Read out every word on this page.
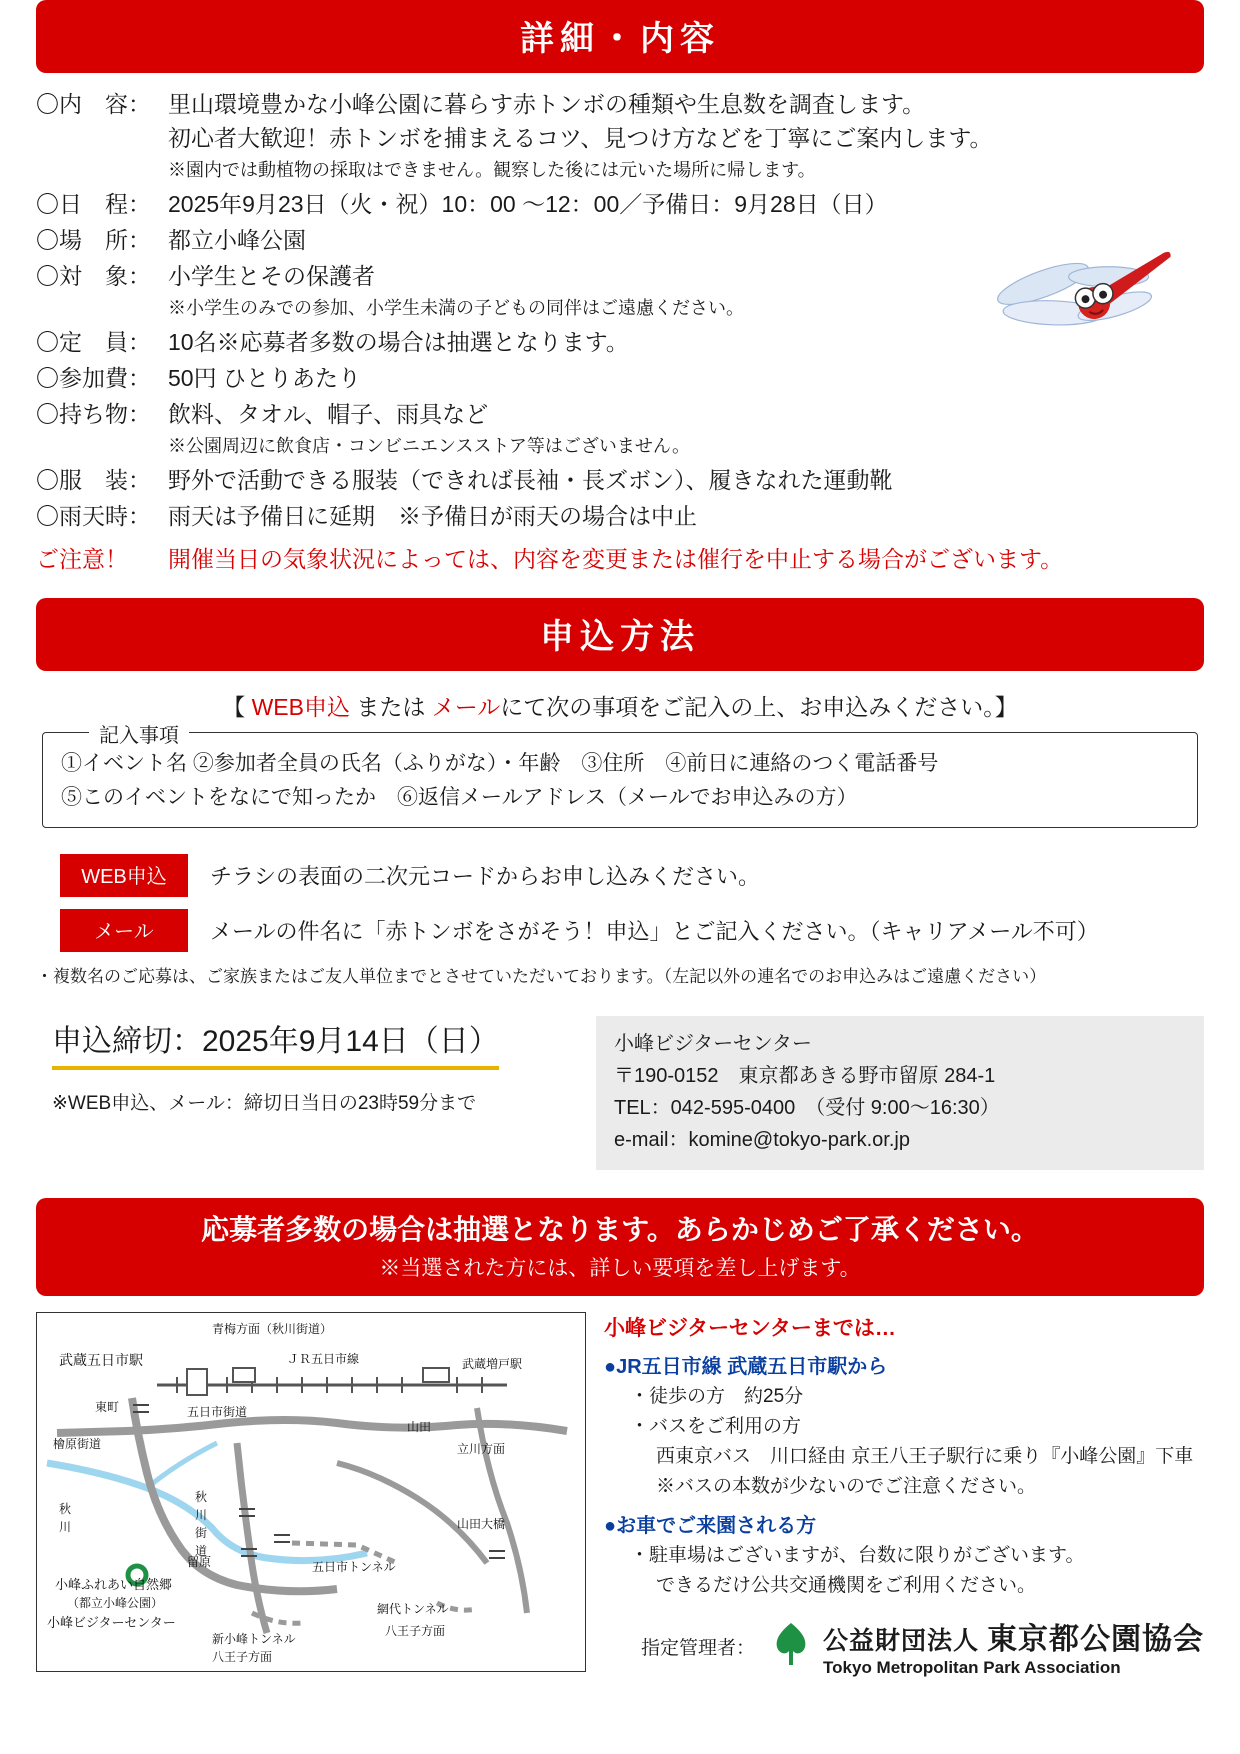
詳細・内容
〇内　容： 里山環境豊かな小峰公園に暮らす赤トンボの種類や生息数を調査します。
初心者大歓迎！赤トンボを捕まえるコツ、見つけ方などを丁寧にご案内します。
※園内では動植物の採取はできません。観察した後には元いた場所に帰します。
〇日　程： 2025年9月23日（火・祝）10：00 ～12：00／予備日：9月28日（日）
〇場　所： 都立小峰公園
〇対　象： 小学生とその保護者
※小学生のみでの参加、小学生未満の子どもの同伴はご遠慮ください。
〇定　員： 10名※応募者多数の場合は抽選となります。
〇参加費： 50円 ひとりあたり
〇持ち物： 飲料、タオル、帽子、雨具など
※公園周辺に飲食店・コンビニエンスストア等はございません。
〇服　装： 野外で活動できる服装（できれば長袖・長ズボン）、履きなれた運動靴
〇雨天時： 雨天は予備日に延期　※予備日が雨天の場合は中止
ご注意！	開催当日の気象状況によっては、内容を変更または催行を中止する場合がございます。
申込方法
【 WEB申込 または メールにて次の事項をご記入の上、お申込みください。】
記入事項
①イベント名 ②参加者全員の氏名（ふりがな）・年齢　③住所　④前日に連絡のつく電話番号
⑤このイベントをなにで知ったか　⑥返信メールアドレス（メールでお申込みの方）
WEB申込	チラシの表面の二次元コードからお申し込みください。
メール	メールの件名に「赤トンボをさがそう！申込」とご記入ください。（キャリアメール不可）
・複数名のご応募は、ご家族またはご友人単位までとさせていただいております。（左記以外の連名でのお申込みはご遠慮ください）
申込締切：2025年9月14日（日）
※WEB申込、メール：締切日当日の23時59分まで
小峰ビジターセンター
〒190-0152　東京都あきる野市留原 284-1
TEL：042-595-0400　（受付 9:00～16:30）
e-mail：komine@tokyo-park.or.jp
応募者多数の場合は抽選となります。あらかじめご了承ください。
※当選された方には、詳しい要項を差し上げます。
青梅方面（秋川街道）
武蔵五日市駅	ＪＲ五日市線	武蔵増戸駅
東町	五日市街道
檜原街道
山田
立川方面
秋
川
秋
川
街
道
留原
山田大橋
五日市トンネル
小峰ふれあい自然郷
（都立小峰公園）
小峰ビジターセンター
新小峰トンネル
網代トンネル
八王子方面
八王子方面
小峰ビジターセンターまでは…
●JR五日市線 武蔵五日市駅から

・徒歩の方　約25分

・バスをご利用の方

西東京バス　川口経由 京王八王子駅行に乗り『小峰公園』下車

※バスの本数が少ないのでご注意ください。

●お車でご来園される方

・駐車場はございますが、台数に限りがございます。

できるだけ公共交通機関をご利用ください。

指定管理者：	公益財団法人 東京都公園協会
Tokyo Metropolitan Park Association
